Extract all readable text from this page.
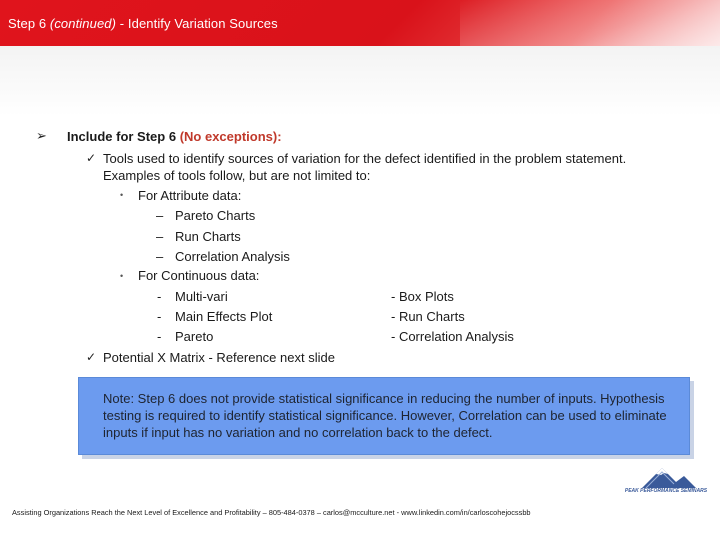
Step 6 (continued) - Identify Variation Sources
➢ Include for Step 6 (No exceptions):
✓ Tools used to identify sources of variation for the defect identified in the problem statement.
Examples of tools follow, but are not limited to:
• For Attribute data:
– Pareto Charts
– Run Charts
– Correlation Analysis
• For Continuous data:
- Multi-vari	- Box Plots
- Main Effects Plot	- Run Charts
- Pareto	- Correlation Analysis
✓ Potential X Matrix - Reference next slide
Note: Step 6 does not provide statistical significance in reducing the number of inputs. Hypothesis testing is required to identify statistical significance. However, Correlation can be used to eliminate inputs if input has no variation and no correlation back to the defect.
PEAK PERFORMANCE SEMINARS
Assisting Organizations Reach the Next Level of Excellence and Profitability – 805-484-0378 – carlos@mcculture.net - www.linkedin.com/in/carloscohejocssbb
